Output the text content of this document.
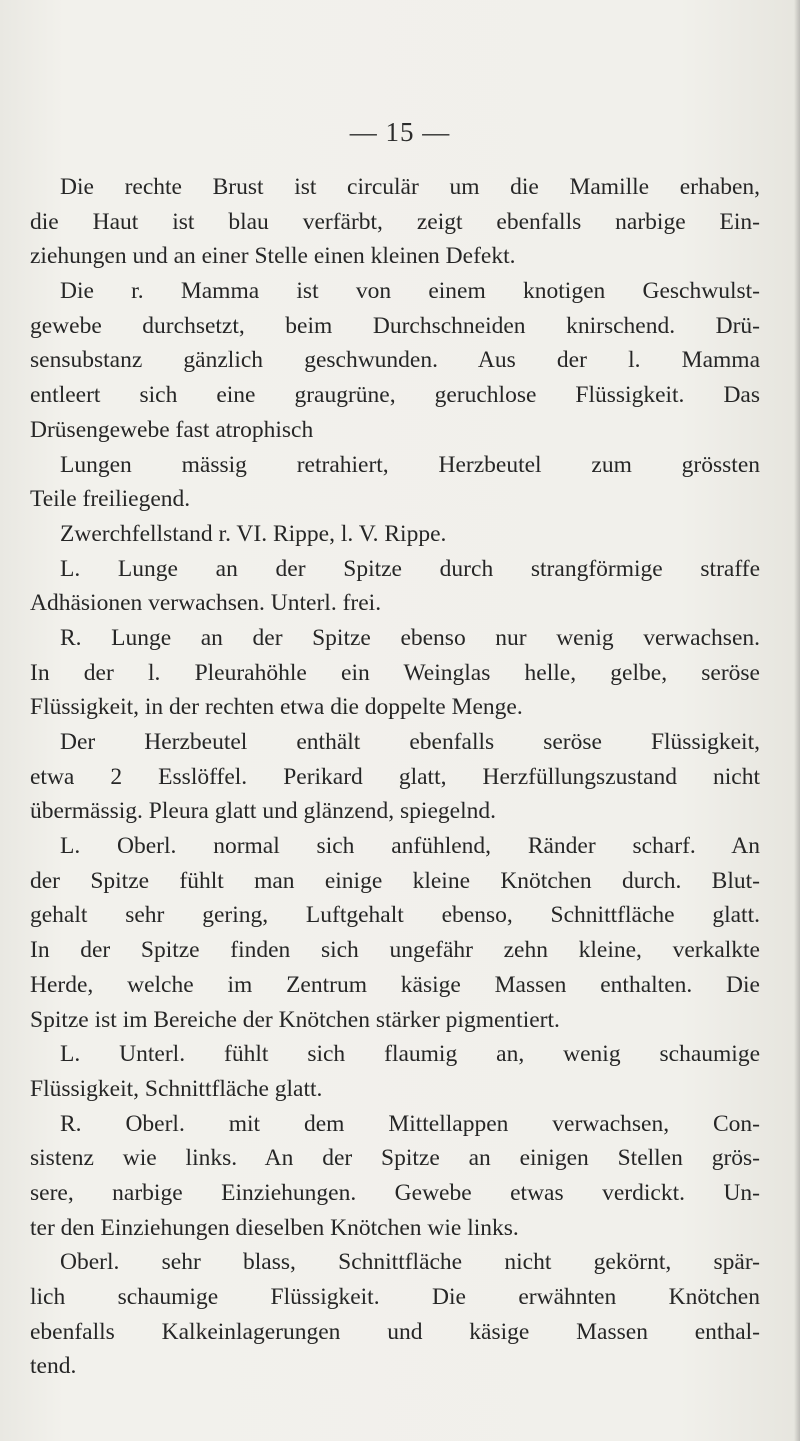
— 15 —
Die rechte Brust ist circulär um die Mamille erhaben,
die Haut ist blau verfärbt, zeigt ebenfalls narbige Ein-
ziehungen und an einer Stelle einen kleinen Defekt.
Die r. Mamma ist von einem knotigen Geschwulst-
gewebe durchsetzt, beim Durchschneiden knirschend. Drü-
sensubstanz gänzlich geschwunden. Aus der l. Mamma
entleert sich eine graugrüne, geruchlose Flüssigkeit. Das
Drüsengewebe fast atrophisch
Lungen mässig retrahiert, Herzbeutel zum grössten
Teile freiliegend.
Zwerchfellstand r. VI. Rippe, l. V. Rippe.
L. Lunge an der Spitze durch strangförmige straffe
Adhäsionen verwachsen. Unterl. frei.
R. Lunge an der Spitze ebenso nur wenig verwachsen.
In der l. Pleurahöhle ein Weinglas helle, gelbe, seröse
Flüssigkeit, in der rechten etwa die doppelte Menge.
Der Herzbeutel enthält ebenfalls seröse Flüssigkeit,
etwa 2 Esslöffel. Perikard glatt, Herzfüllungszustand nicht
übermässig. Pleura glatt und glänzend, spiegelnd.
L. Oberl. normal sich anfühlend, Ränder scharf. An
der Spitze fühlt man einige kleine Knötchen durch. Blut-
gehalt sehr gering, Luftgehalt ebenso, Schnittfläche glatt.
In der Spitze finden sich ungefähr zehn kleine, verkalkte
Herde, welche im Zentrum käsige Massen enthalten. Die
Spitze ist im Bereiche der Knötchen stärker pigmentiert.
L. Unterl. fühlt sich flaumig an, wenig schaumige
Flüssigkeit, Schnittfläche glatt.
R. Oberl. mit dem Mittellappen verwachsen, Con-
sistenz wie links. An der Spitze an einigen Stellen grös-
sere, narbige Einziehungen. Gewebe etwas verdickt. Un-
ter den Einziehungen dieselben Knötchen wie links.
Oberl. sehr blass, Schnittfläche nicht gekörnt, spär-
lich schaumige Flüssigkeit. Die erwähnten Knötchen
ebenfalls Kalkeinlagerungen und käsige Massen enthal-
tend.
